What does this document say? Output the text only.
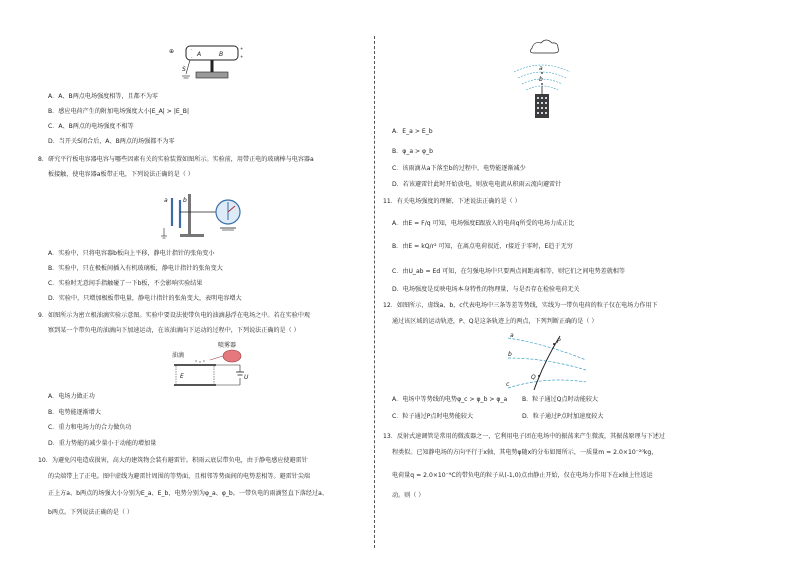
⊕	A	B
-
-
+
+
S
A．A、B两点电场强度相等，且都不为零
B．感应电荷产生的附加电场强度大小|E_A| > |E_B|
C．A、B两点的电场强度不相等
D．当开关S闭合后，A、B两点的场强都不为零
8．研究平行板电容器电容与哪些因素有关的实验装置如图所示。实验前，用带正电的玻璃棒与电容器a
板接触，使电容器a板带正电，下列说法正确的是（ ）
a	b
A．实验中，只将电容器b板向上平移，静电计指针的张角变小
B．实验中，只在极板间插入有机玻璃板，静电计指针的张角变大
C．实验时无意间手指触碰了一下b板，不会影响实验结果
D．实验中，只增加极板带电量，静电计指针的张角变大，表明电容增大
9．如图所示为密立根油滴实验示意图。实验中要设法使带负电的油滴悬浮在电场之中。若在实验中观
察到某一个带负电的油滴向下加速运动，在该油滴向下运动的过程中，下列说法正确的是（ ）
喷雾器
油滴
E	U
A．电场力做正功
B．电势能逐渐增大
C．重力和电场力的合力做负功
D．重力势能的减少量小于动能的增加量
10．为避免闪电造成损害，高大的建筑物会装有避雷针。积雨云底层带负电，由于静电感应使避雷针
的尖端带上了正电。图中虚线为避雷针周围的等势面，且相邻等势面间的电势差相等。避雷针尖端
正上方a、b两点的场强大小分别为E_a、E_b，电势分别为φ_a、φ_b。一带负电的雨滴竖直下落经过a、
b两点。下列说法正确的是（ ）
a
b
A．E_a > E_b
B．φ_a > φ_b
C．该雨滴从a下落至b的过程中，电势能逐渐减少
D．若该避雷针此时开始放电，则放电电流从积雨云流向避雷针
11．有关电场强度的理解，下述说法正确的是（ ）
A．由E = F/q 可知，电场强度E跟放入的电荷q所受的电场力成正比
B．由E = kQ/r² 可知，在离点电荷很近、r接近于零时，E趋于无穷
C．由U_ab = Ed 可知，在匀强电场中只要两点间距离相等，则它们之间电势差就相等
D．电场强度是反映电场本身特性的物理量，与是否存在检验电荷无关
12．如图所示，虚线a、b、c代表电场中三条等差等势线，实线为一带负电荷的粒子仅在电场力作用下
通过该区域的运动轨迹，P、Q是这条轨迹上的两点，下列判断正确的是（ ）
a
b
c
P
Q
A．电场中等势线的电势φ_c > φ_b > φ_a B．粒子通过Q点时动能较大
C．粒子通过P点时电势能较大	D．粒子通过P点时加速度较大
13．反射式速调管是常用的微波器之一，它利用电子团在电场中的振荡来产生微波，其振荡原理与下述过
程类似。已知静电场的方向平行于x轴，其电势φ随x的分布如图所示，一质量m = 2.0×10⁻²⁰kg，
电荷量q = 2.0×10⁻⁹C的带负电的粒子从(-1,0)点由静止开始，仅在电场力作用下在x轴上往返运
动。则（ ）
